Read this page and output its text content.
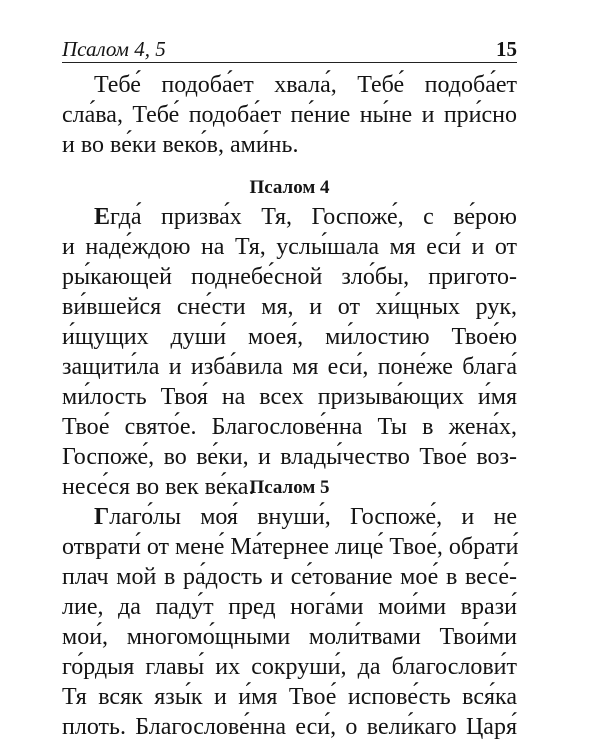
Псалом 4, 5	15
Тебе́ подоба́ет хвала́, Тебе́ подоба́ет
сла́ва, Тебе́ подоба́ет пе́ние ны́не и при́сно
и во ве́ки веко́в, ами́нь.
Псалом 4
Егда́ призва́х Тя, Госпоже́, с ве́рою
и наде́ждою на Тя, услы́шала мя еси́ и от
ры́кающей поднебе́сной зло́бы, пригото-
ви́вшейся сне́сти мя, и от хи́щных рук,
и́щущих души́ моея́, ми́лостию Твое́ю
защити́ла и изба́вила мя еси́, поне́же блага́
ми́лость Твоя́ на всех призыва́ющих и́мя
Твое́ свято́е. Благослове́нна Ты в жена́х,
Госпоже́, во ве́ки, и влады́чество Твое́ воз-
несе́ся во век ве́ка.
Псалом 5
Глаго́лы моя́ внуши́, Госпоже́, и не
отврати́ от мене́ Ма́тернее лице́ Твое́, обрати́
плач мой в ра́дость и се́тование мое́ в весе́-
лие, да паду́т пред нога́ми мои́ми врази́
мои́, многомо́щными моли́твами Твои́ми
го́рдыя главы́ их сокруши́, да благослови́т
Тя всяк язы́к и и́мя Твое́ испове́сть вся́ка
плоть. Благослове́нна еси́, о вели́каго Царя́
